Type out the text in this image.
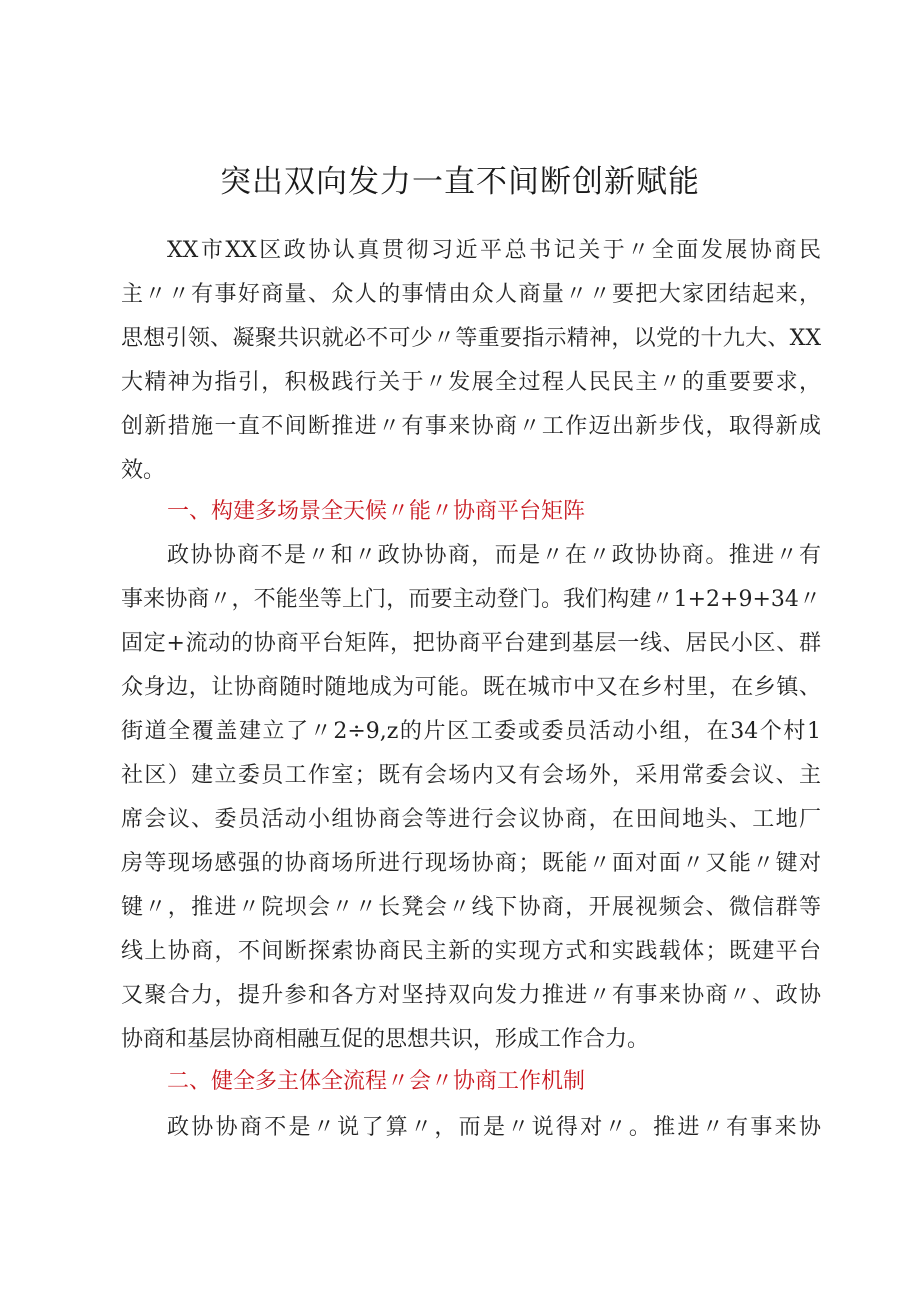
突出双向发力一直不间断创新赋能
XX市XX区政协认真贯彻习近平总书记关于〃全面发展协商民
主〃〃有事好商量、众人的事情由众人商量〃〃要把大家团结起来，
思想引领、凝聚共识就必不可少〃等重要指示精神，以党的十九大、XX
大精神为指引，积极践行关于〃发展全过程人民民主〃的重要要求，
创新措施一直不间断推进〃有事来协商〃工作迈出新步伐，取得新成
效。
一、构建多场景全天候〃能〃协商平台矩阵
政协协商不是〃和〃政协协商，而是〃在〃政协协商。推进〃有
事来协商〃，不能坐等上门，而要主动登门。我们构建〃1+2+9+34〃
固定+流动的协商平台矩阵，把协商平台建到基层一线、居民小区、群
众身边，让协商随时随地成为可能。既在城市中又在乡村里，在乡镇、
街道全覆盖建立了〃2÷9,z的片区工委或委员活动小组，在34个村1
社区）建立委员工作室；既有会场内又有会场外，采用常委会议、主
席会议、委员活动小组协商会等进行会议协商，在田间地头、工地厂
房等现场感强的协商场所进行现场协商；既能〃面对面〃又能〃键对
键〃，推进〃院坝会〃〃长凳会〃线下协商，开展视频会、微信群等
线上协商，不间断探索协商民主新的实现方式和实践载体；既建平台
又聚合力，提升参和各方对坚持双向发力推进〃有事来协商〃、政协
协商和基层协商相融互促的思想共识，形成工作合力。
二、健全多主体全流程〃会〃协商工作机制
政协协商不是〃说了算〃，而是〃说得对〃。推进〃有事来协
